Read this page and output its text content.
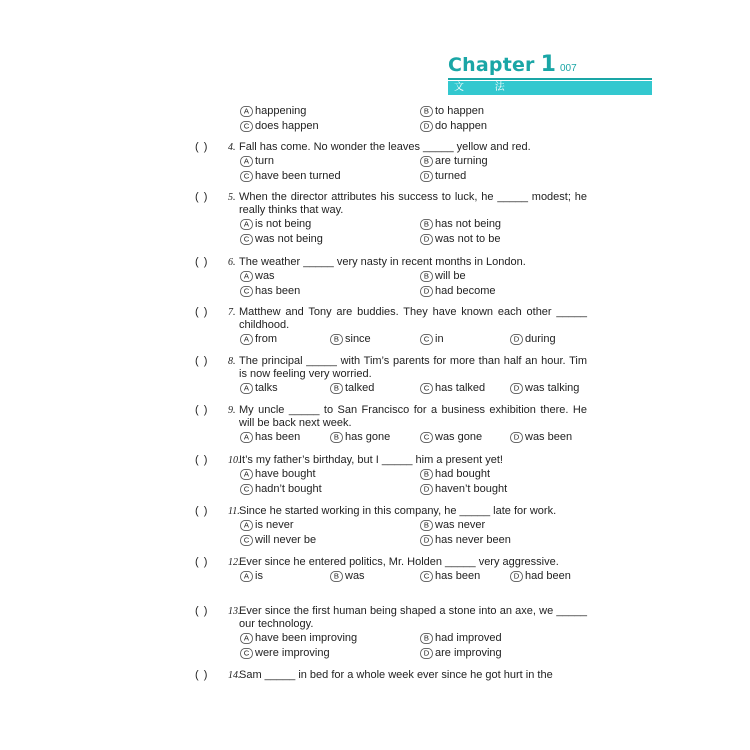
Chapter 1 007
文 法
A happening	B to happen
C does happen	D do happen
( )	4. Fall has come. No wonder the leaves _____ yellow and red.
A turn	B are turning
C have been turned	D turned
( )	5. When the director attributes his success to luck, he _____ modest; he really thinks that way.
A is not being	B has not being
C was not being	D was not to be
( )	6. The weather _____ very nasty in recent months in London.
A was	B will be
C has been	D had become
( )	7. Matthew and Tony are buddies. They have known each other _____ childhood.
A from	B since	C in	D during
( )	8. The principal _____ with Tim’s parents for more than half an hour. Tim is now feeling very worried.
A talks	B talked	C has talked	D was talking
( )	9. My uncle _____ to San Francisco for a business exhibition there. He will be back next week.
A has been	B has gone	C was gone	D was been
( )	10.
It’s my father’s birthday, but I _____ him a present yet!
A have bought	B had bought
C hadn’t bought	D haven’t bought
( )	11. Since he started working in this company, he _____ late for work.
A is never	B was never
C will never be	D has never been
( )	12.
Ever since he entered politics, Mr. Holden _____ very aggressive.
A is	B was	C has been	D had been
( )	13.
Ever since the first human being shaped a stone into an axe, we _____ our technology.
A have been improving	B had improved
C were improving	D are improving
( )	14.
Sam _____ in bed for a whole week ever since he got hurt in the
